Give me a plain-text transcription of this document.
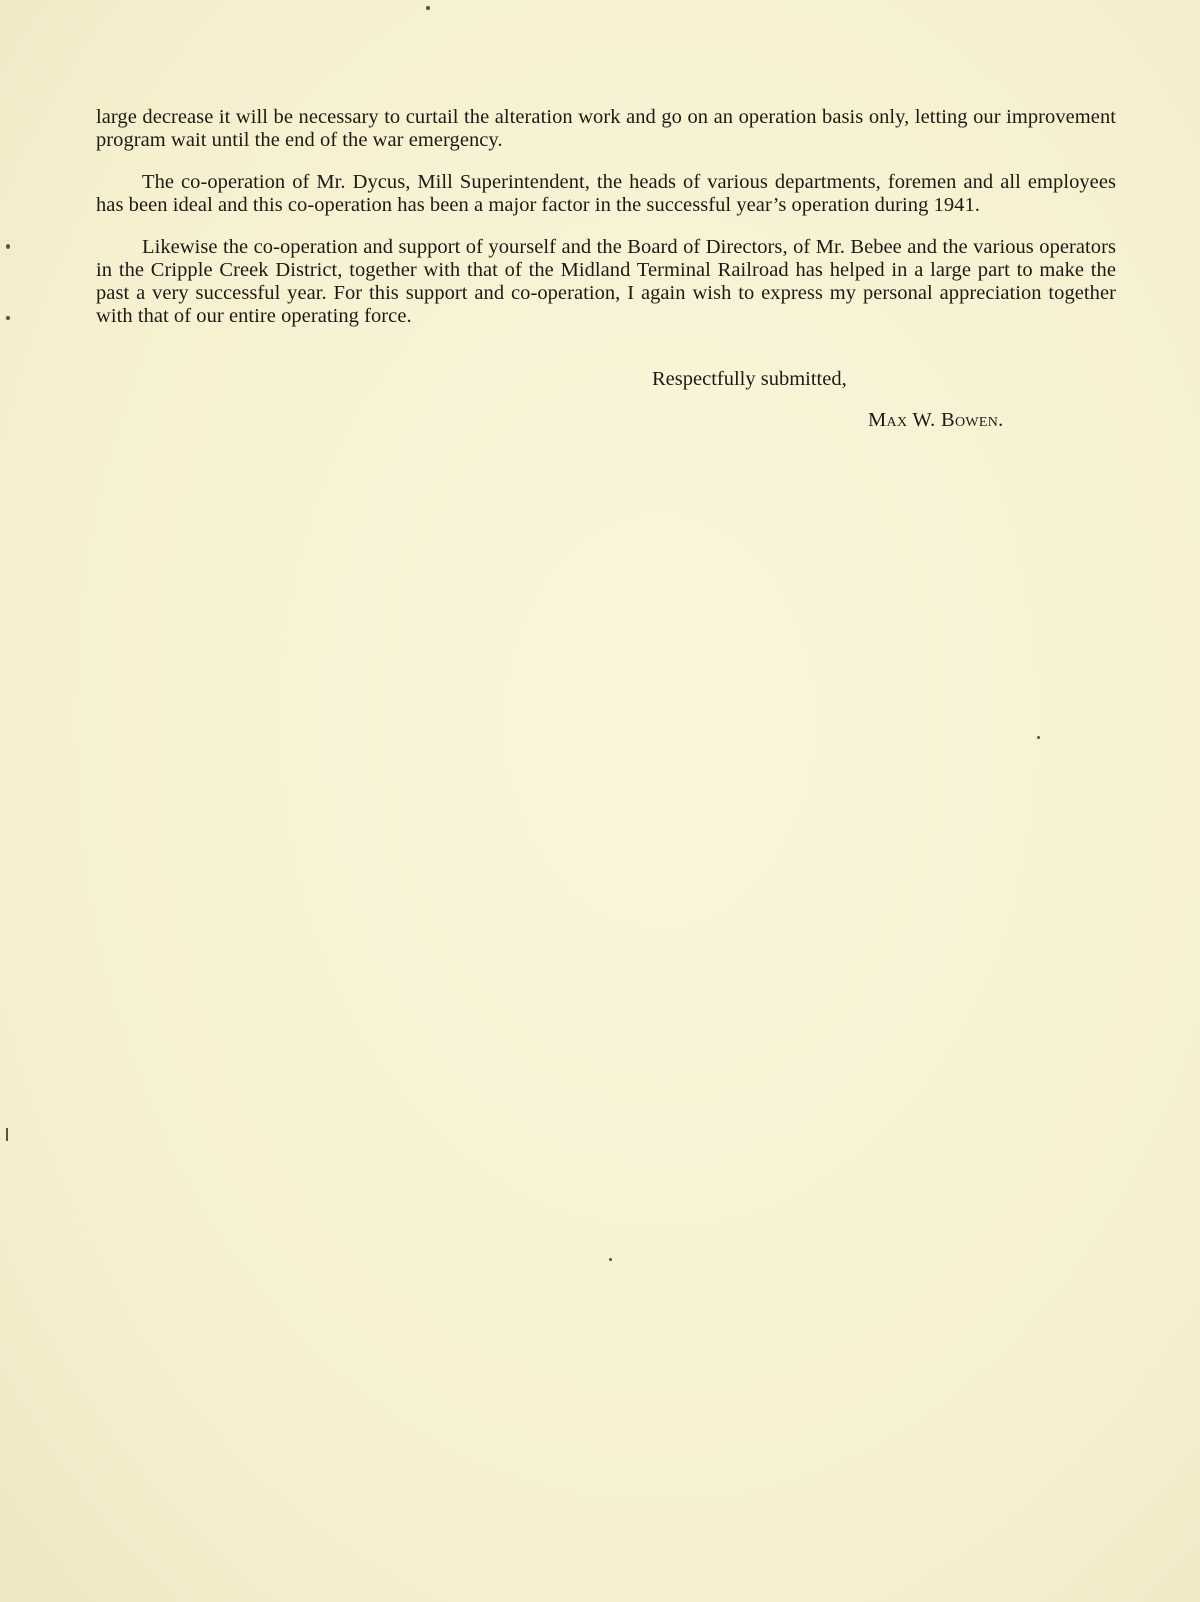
large decrease it will be necessary to curtail the alteration work and go on an operation basis only, letting our improvement program wait until the end of the war emergency.

The co-operation of Mr. Dycus, Mill Superintendent, the heads of various departments, foremen and all employees has been ideal and this co-operation has been a major factor in the successful year’s operation during 1941.

Likewise the co-operation and support of yourself and the Board of Directors, of Mr. Bebee and the various operators in the Cripple Creek District, together with that of the Midland Terminal Railroad has helped in a large part to make the past a very successful year. For this support and co-operation, I again wish to express my personal appreciation together with that of our entire operating force.

Respectfully submitted,
Max W. Bowen.
